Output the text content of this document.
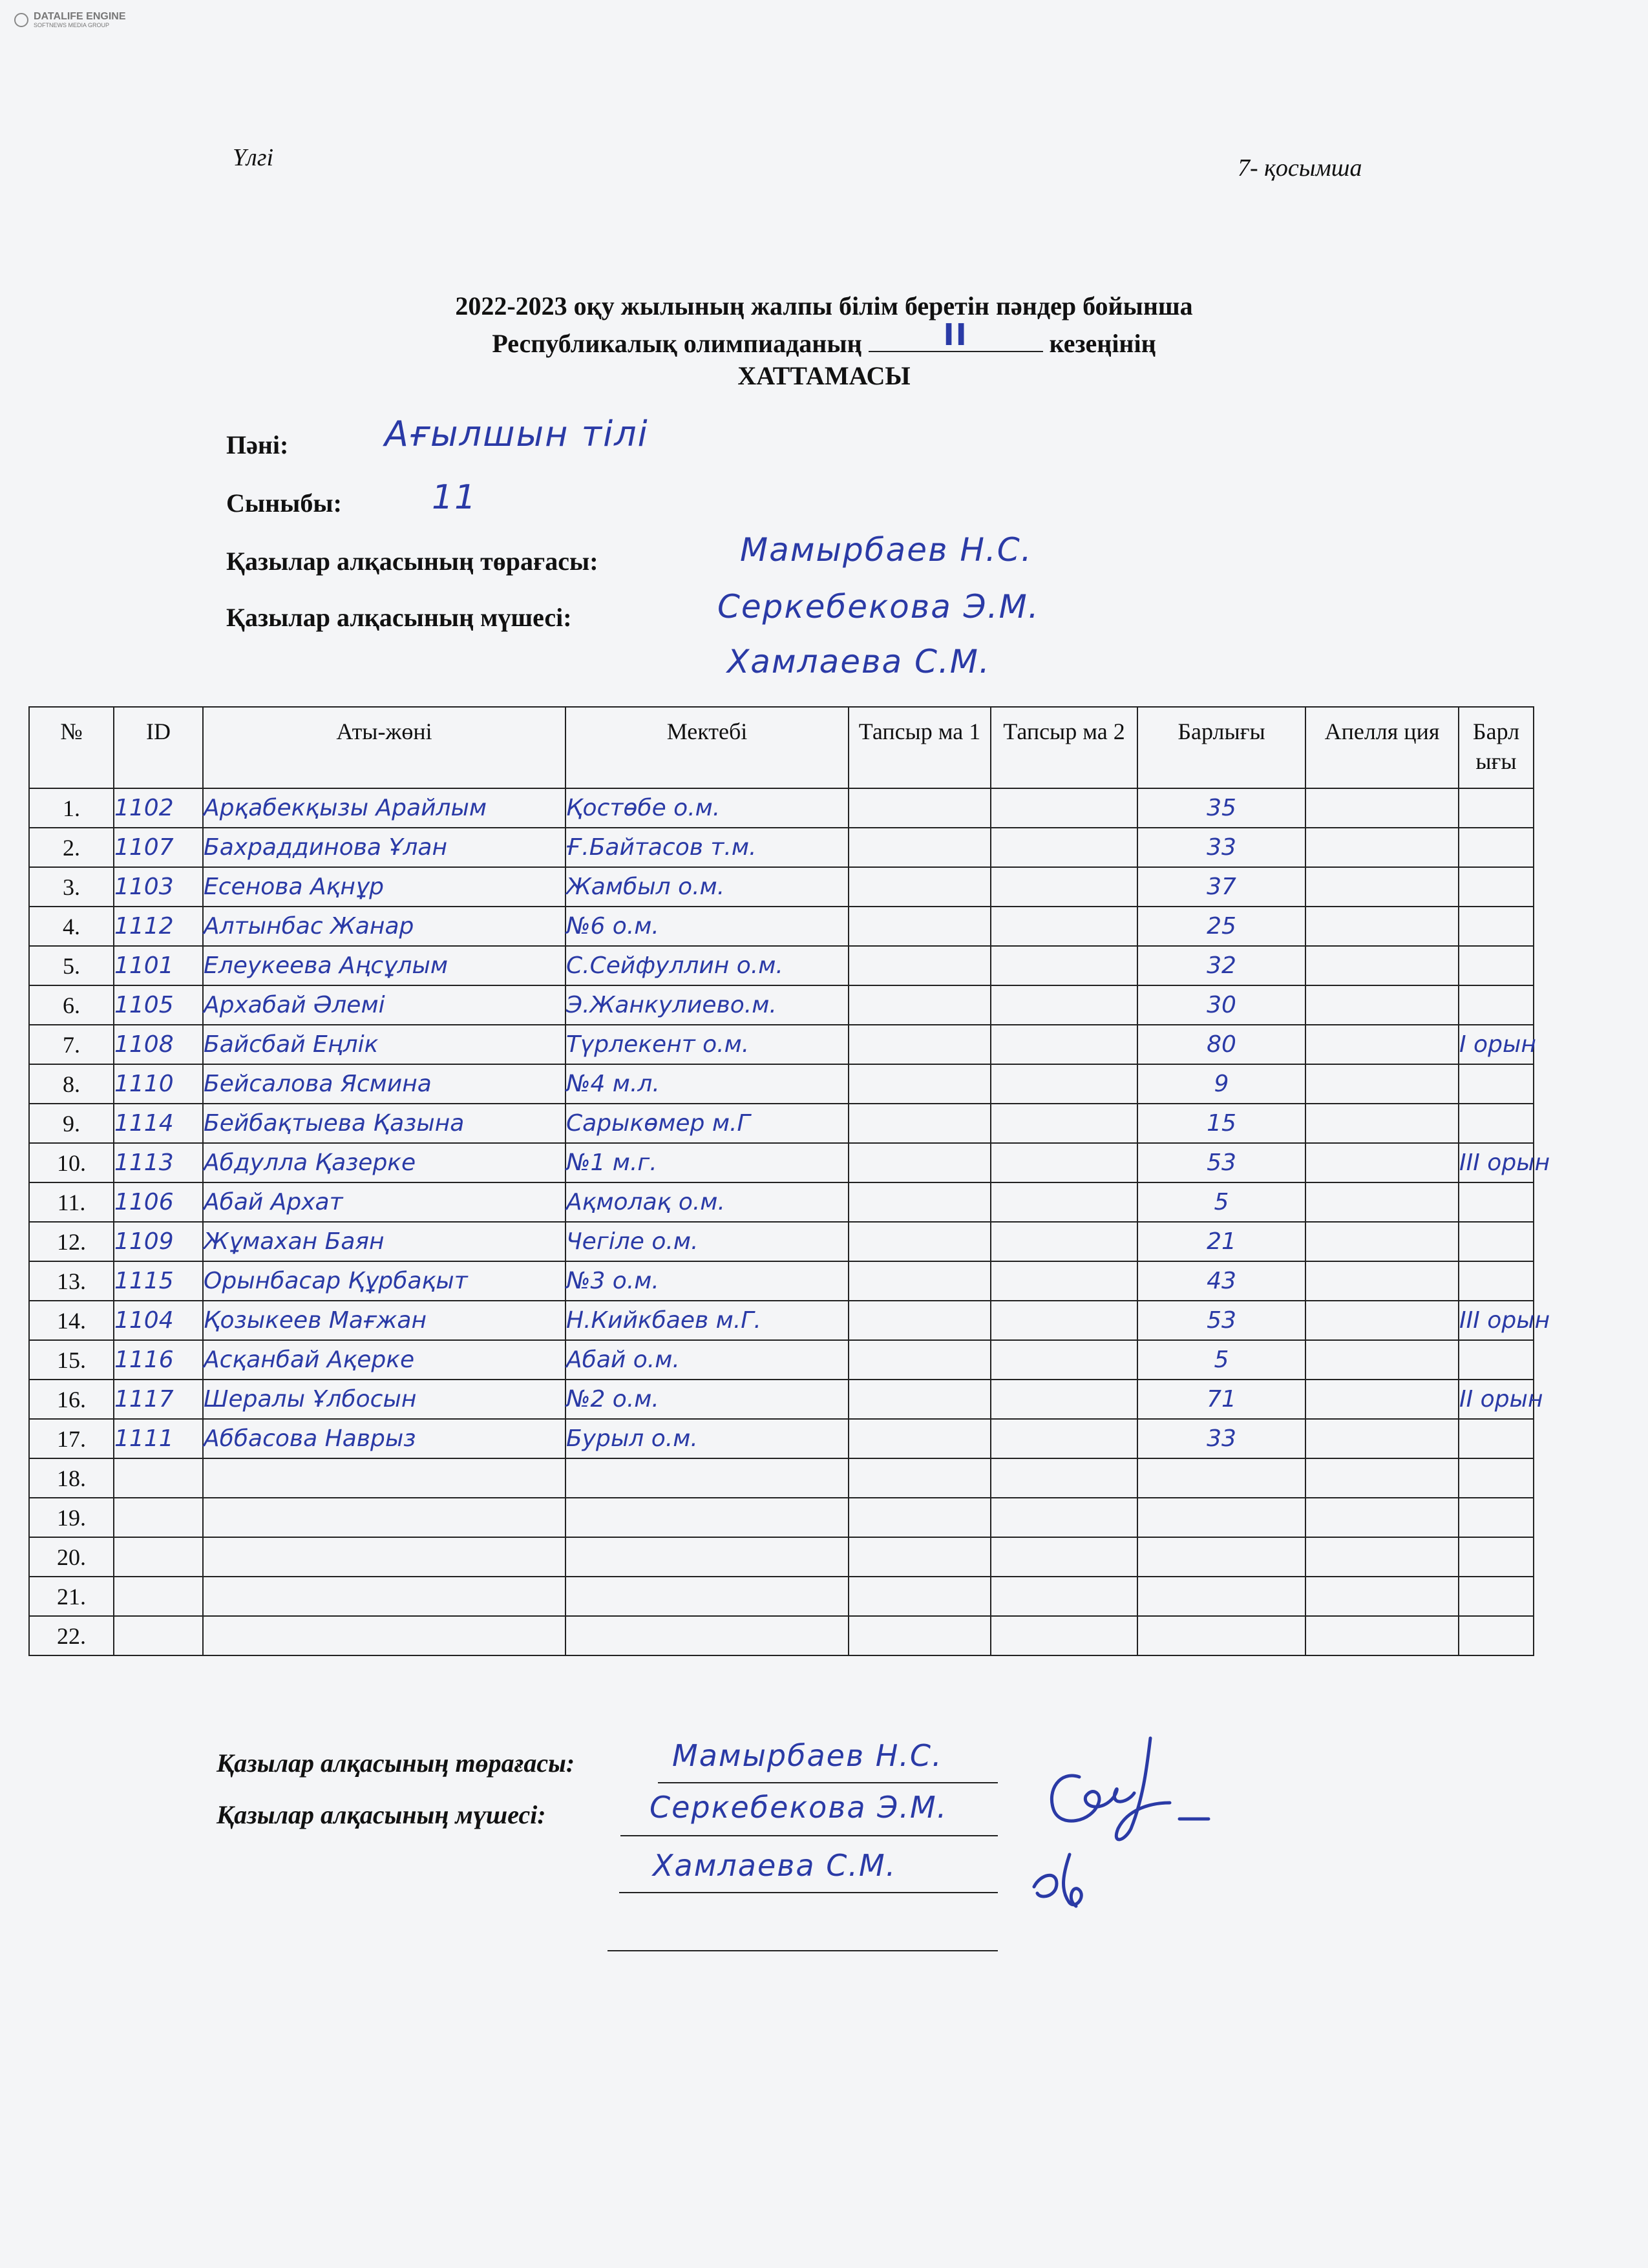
DATALIFE ENGINE
SOFTNEWS MEDIA GROUP
Үлгі	7- қосымша
2022-2023 оқу жылының жалпы білім беретін пәндер бойынша
Республикалық олимпиаданың	II	кезеңінің
ХАТТАМАСЫ
Пәні:	Ағылшын тілі
Сыныбы:	11
Қазылар алқасының төрағасы:	Мамырбаев Н.С.
Қазылар алқасының мүшесі:	Серкебекова Э.М.
Хамлаева С.М.
№	ID	Аты-жөні	Мектебі	Тапсыр ма 1	Тапсыр ма 2	Барлығы	Апелля ция	Барл ығы
1.	1102	Арқабекқызы Арайлым	Қостөбе о.м.			35		
2.	1107	Бахраддинова Ұлан	Ғ.Байтасов т.м.			33		
3.	1103	Есенова Ақнұр	Жамбыл о.м.			37		
4.	1112	Алтынбас Жанар	№6 о.м.			25		
5.	1101	Елеукеева Аңсұлым	С.Сейфуллин о.м.			32		
6.	1105	Архабай Әлемі	Э.Жанкулиево.м.			30		
7.	1108	Байсбай Еңлік	Түрлекент о.м.			80		I орын
8.	1110	Бейсалова Ясмина	№4 м.л.			9		
9.	1114	Бейбақтыева Қазына	Сарыкөмер м.Г			15		
10.	1113	Абдулла Қазерке	№1 м.г.			53		III орын
11.	1106	Абай Архат	Ақмолақ о.м.			5		
12.	1109	Жұмахан Баян	Чегіле о.м.			21		
13.	1115	Орынбасар Құрбақыт	№3 о.м.			43		
14.	1104	Қозыкеев Мағжан	Н.Кийкбаев м.Г.			53		III орын
15.	1116	Асқанбай Ақерке	Абай о.м.			5		
16.	1117	Шералы Ұлбосын	№2 о.м.			71		II орын
17.	1111	Аббасова Наврыз	Бурыл о.м.			33		
18.								
19.								
20.								
21.								
22.								
Қазылар алқасының төрағасы:	Мамырбаев Н.С.
Қазылар алқасының мүшесі:	Серкебекова Э.М.
Хамлаева С.М.
